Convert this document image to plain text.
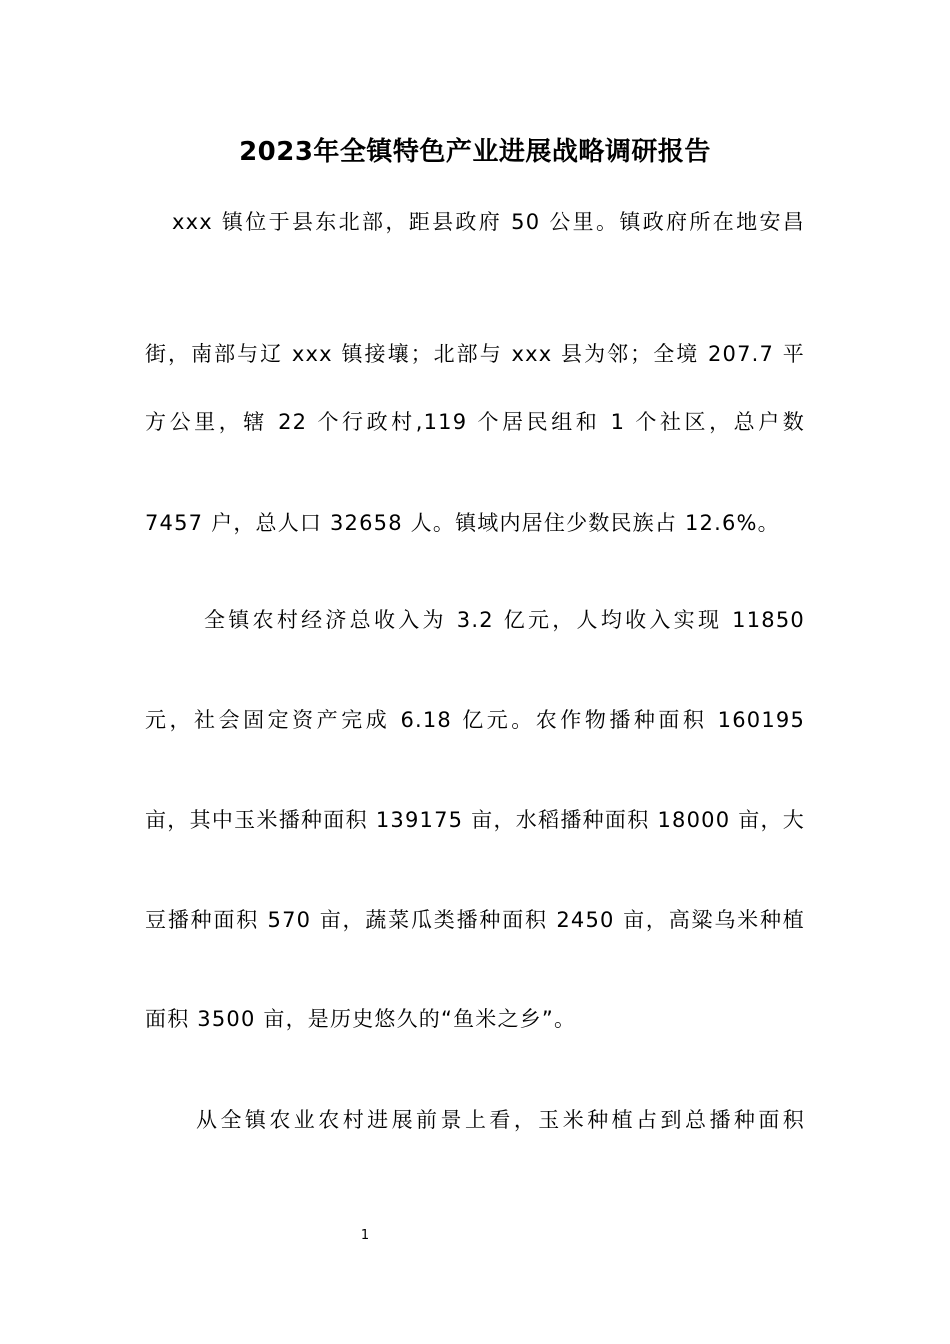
2023年全镇特色产业进展战略调研报告
xxx 镇位于县东北部，距县政府 50 公里。镇政府所在地安昌
街，南部与辽 xxx 镇接壤；北部与 xxx 县为邻；全境 207.7 平
方公里，辖 22 个行政村,119 个居民组和 1 个社区，总户数
7457 户，总人口 32658 人。镇域内居住少数民族占 12.6%。
全镇农村经济总收入为 3.2 亿元，人均收入实现 11850
元，社会固定资产完成 6.18 亿元。农作物播种面积 160195
亩，其中玉米播种面积 139175 亩，水稻播种面积 18000 亩，大
豆播种面积 570 亩，蔬菜瓜类播种面积 2450 亩，高粱乌米种植
面积 3500 亩，是历史悠久的“鱼米之乡”。
从全镇农业农村进展前景上看，玉米种植占到总播种面积
1
